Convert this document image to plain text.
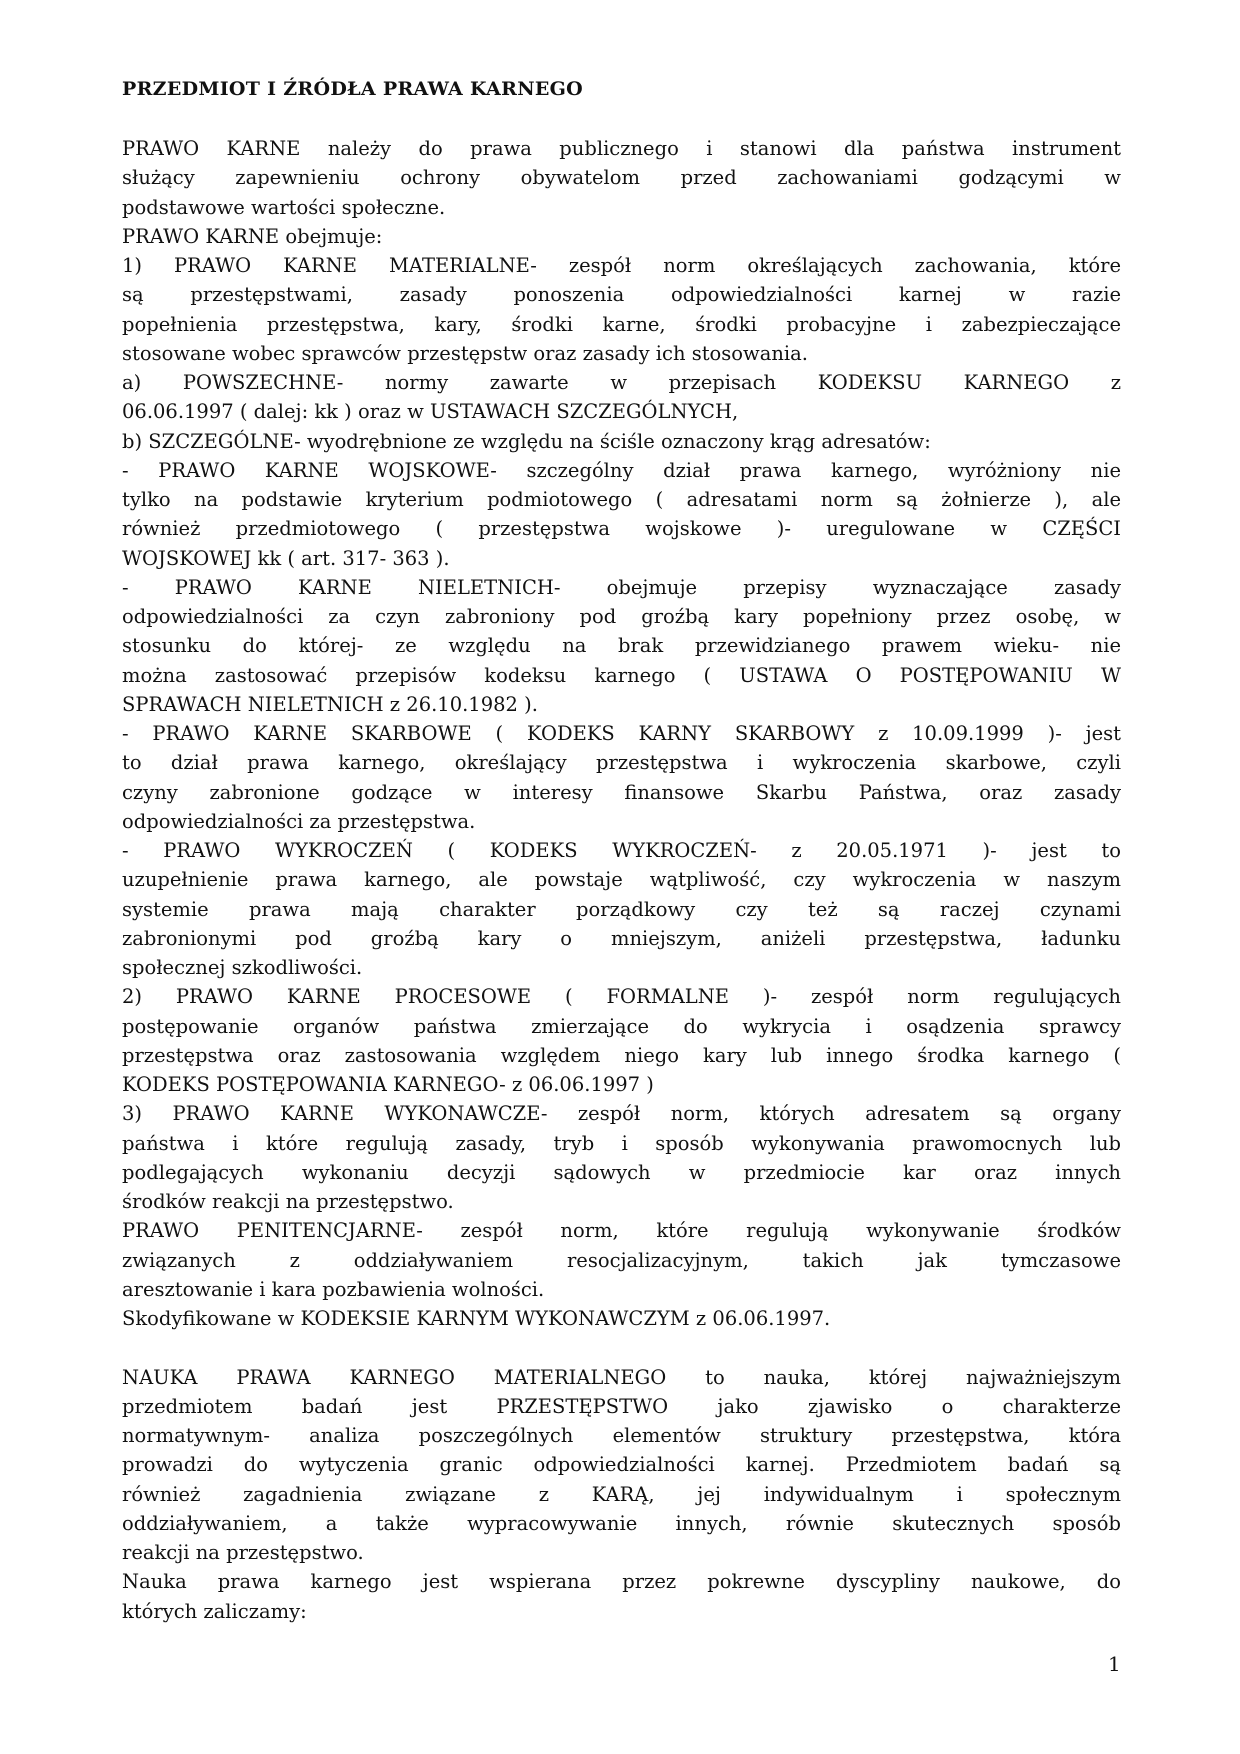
PRZEDMIOT I ŹRÓDŁA PRAWA KARNEGO
PRAWO KARNE należy do prawa publicznego i stanowi dla państwa instrument
służący zapewnieniu ochrony obywatelom przed zachowaniami godzącymi w
podstawowe wartości społeczne.
PRAWO KARNE obejmuje:
1) PRAWO KARNE MATERIALNE- zespół norm określających zachowania, które
są przestępstwami, zasady ponoszenia odpowiedzialności karnej w razie
popełnienia przestępstwa, kary, środki karne, środki probacyjne i zabezpieczające
stosowane wobec sprawców przestępstw oraz zasady ich stosowania.
a) POWSZECHNE- normy zawarte w przepisach KODEKSU KARNEGO z
06.06.1997 ( dalej: kk ) oraz w USTAWACH SZCZEGÓLNYCH,
b) SZCZEGÓLNE- wyodrębnione ze względu na ściśle oznaczony krąg adresatów:
- PRAWO KARNE WOJSKOWE- szczególny dział prawa karnego, wyróżniony nie
tylko na podstawie kryterium podmiotowego ( adresatami norm są żołnierze ), ale
również przedmiotowego ( przestępstwa wojskowe )- uregulowane w CZĘŚCI
WOJSKOWEJ kk ( art. 317- 363 ).
- PRAWO KARNE NIELETNICH- obejmuje przepisy wyznaczające zasady
odpowiedzialności za czyn zabroniony pod groźbą kary popełniony przez osobę, w
stosunku do której- ze względu na brak przewidzianego prawem wieku- nie
można zastosować przepisów kodeksu karnego ( USTAWA O POSTĘPOWANIU W
SPRAWACH NIELETNICH z 26.10.1982 ).
- PRAWO KARNE SKARBOWE ( KODEKS KARNY SKARBOWY z 10.09.1999 )- jest
to dział prawa karnego, określający przestępstwa i wykroczenia skarbowe, czyli
czyny zabronione godzące w interesy finansowe Skarbu Państwa, oraz zasady
odpowiedzialności za przestępstwa.
- PRAWO WYKROCZEŃ ( KODEKS WYKROCZEŃ- z 20.05.1971 )- jest to
uzupełnienie prawa karnego, ale powstaje wątpliwość, czy wykroczenia w naszym
systemie prawa mają charakter porządkowy czy też są raczej czynami
zabronionymi pod groźbą kary o mniejszym, aniżeli przestępstwa, ładunku
społecznej szkodliwości.
2) PRAWO KARNE PROCESOWE ( FORMALNE )- zespół norm regulujących
postępowanie organów państwa zmierzające do wykrycia i osądzenia sprawcy
przestępstwa oraz zastosowania względem niego kary lub innego środka karnego (
KODEKS POSTĘPOWANIA KARNEGO- z 06.06.1997 )
3) PRAWO KARNE WYKONAWCZE- zespół norm, których adresatem są organy
państwa i które regulują zasady, tryb i sposób wykonywania prawomocnych lub
podlegających wykonaniu decyzji sądowych w przedmiocie kar oraz innych
środków reakcji na przestępstwo.
PRAWO PENITENCJARNE- zespół norm, które regulują wykonywanie środków
związanych z oddziaływaniem resocjalizacyjnym, takich jak tymczasowe
aresztowanie i kara pozbawienia wolności.
Skodyfikowane w KODEKSIE KARNYM WYKONAWCZYM z 06.06.1997.
NAUKA PRAWA KARNEGO MATERIALNEGO to nauka, której najważniejszym
przedmiotem badań jest PRZESTĘPSTWO jako zjawisko o charakterze
normatywnym- analiza poszczególnych elementów struktury przestępstwa, która
prowadzi do wytyczenia granic odpowiedzialności karnej. Przedmiotem badań są
również zagadnienia związane z KARĄ, jej indywidualnym i społecznym
oddziaływaniem, a także wypracowywanie innych, równie skutecznych sposób
reakcji na przestępstwo.
Nauka prawa karnego jest wspierana przez pokrewne dyscypliny naukowe, do
których zaliczamy:
1
